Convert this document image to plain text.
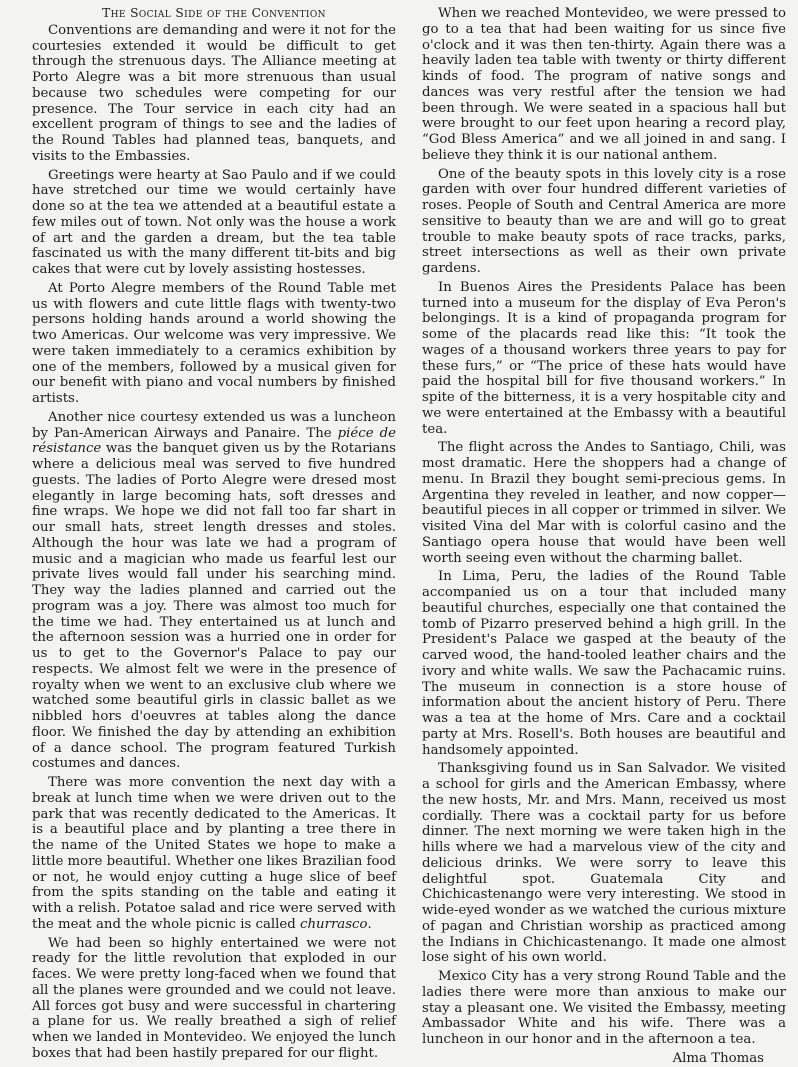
The Social Side of the Convention

Conventions are demanding and were it not for the courtesies extended it would be difficult to get through the strenuous days. The Alliance meeting at Porto Alegre was a bit more strenuous than usual because two schedules were competing for our presence. The Tour service in each city had an excellent program of things to see and the ladies of the Round Tables had planned teas, banquets, and visits to the Embassies.

Greetings were hearty at Sao Paulo and if we could have stretched our time we would certainly have done so at the tea we attended at a beautiful estate a few miles out of town. Not only was the house a work of art and the garden a dream, but the tea table fascinated us with the many different tit-bits and big cakes that were cut by lovely assisting hostesses.

At Porto Alegre members of the Round Table met us with flowers and cute little flags with twenty-two persons holding hands around a world showing the two Americas. Our welcome was very impressive. We were taken immediately to a ceramics exhibition by one of the members, followed by a musical given for our benefit with piano and vocal numbers by finished artists.

Another nice courtesy extended us was a luncheon by Pan-American Airways and Panaire. The piéce de résistance was the banquet given us by the Rotarians where a delicious meal was served to five hundred guests. The ladies of Porto Alegre were dresed most elegantly in large becoming hats, soft dresses and fine wraps. We hope we did not fall too far shart in our small hats, street length dresses and stoles. Although the hour was late we had a program of music and a magician who made us fearful lest our private lives would fall under his searching mind. They way the ladies planned and carried out the program was a joy. There was almost too much for the time we had. They entertained us at lunch and the afternoon session was a hurried one in order for us to get to the Governor's Palace to pay our respects. We almost felt we were in the presence of royalty when we went to an exclusive club where we watched some beautiful girls in classic ballet as we nibbled hors d'oeuvres at tables along the dance floor. We finished the day by attending an exhibition of a dance school. The program featured Turkish costumes and dances.

There was more convention the next day with a break at lunch time when we were driven out to the park that was recently dedicated to the Americas. It is a beautiful place and by planting a tree there in the name of the United States we hope to make a little more beautiful. Whether one likes Brazilian food or not, he would enjoy cutting a huge slice of beef from the spits standing on the table and eating it with a relish. Potatoe salad and rice were served with the meat and the whole picnic is called churrasco.

We had been so highly entertained we were not ready for the little revolution that exploded in our faces. We were pretty long-faced when we found that all the planes were grounded and we could not leave. All forces got busy and were successful in chartering a plane for us. We really breathed a sigh of relief when we landed in Montevideo. We enjoyed the lunch boxes that had been hastily prepared for our flight.

When we reached Montevideo, we were pressed to go to a tea that had been waiting for us since five o'clock and it was then ten-thirty. Again there was a heavily laden tea table with twenty or thirty different kinds of food. The program of native songs and dances was very restful after the tension we had been through. We were seated in a spacious hall but were brought to our feet upon hearing a record play, “God Bless America” and we all joined in and sang. I believe they think it is our national anthem.

One of the beauty spots in this lovely city is a rose garden with over four hundred different varieties of roses. People of South and Central America are more sensitive to beauty than we are and will go to great trouble to make beauty spots of race tracks, parks, street intersections as well as their own private gardens.

In Buenos Aires the Presidents Palace has been turned into a museum for the display of Eva Peron's belongings. It is a kind of propaganda program for some of the placards read like this: “It took the wages of a thousand workers three years to pay for these furs,” or “The price of these hats would have paid the hospital bill for five thousand workers.” In spite of the bitterness, it is a very hospitable city and we were entertained at the Embassy with a beautiful tea.

The flight across the Andes to Santiago, Chili, was most dramatic. Here the shoppers had a change of menu. In Brazil they bought semi-precious gems. In Argentina they reveled in leather, and now copper—beautiful pieces in all copper or trimmed in silver. We visited Vina del Mar with is colorful casino and the Santiago opera house that would have been well worth seeing even without the charming ballet.

In Lima, Peru, the ladies of the Round Table accompanied us on a tour that included many beautiful churches, especially one that contained the tomb of Pizarro preserved behind a high grill. In the President's Palace we gasped at the beauty of the carved wood, the hand-tooled leather chairs and the ivory and white walls. We saw the Pachacamic ruins. The museum in connection is a store house of information about the ancient history of Peru. There was a tea at the home of Mrs. Care and a cocktail party at Mrs. Rosell's. Both houses are beautiful and handsomely appointed.

Thanksgiving found us in San Salvador. We visited a school for girls and the American Embassy, where the new hosts, Mr. and Mrs. Mann, received us most cordially. There was a cocktail party for us before dinner. The next morning we were taken high in the hills where we had a marvelous view of the city and delicious drinks. We were sorry to leave this delightful spot. Guatemala City and Chichicastenango were very interesting. We stood in wide-eyed wonder as we watched the curious mixture of pagan and Christian worship as practiced among the Indians in Chichicastenango. It made one almost lose sight of his own world.

Mexico City has a very strong Round Table and the ladies there were more than anxious to make our stay a pleasant one. We visited the Embassy, meeting Ambassador White and his wife. There was a luncheon in our honor and in the afternoon a tea.

Alma Thomas
